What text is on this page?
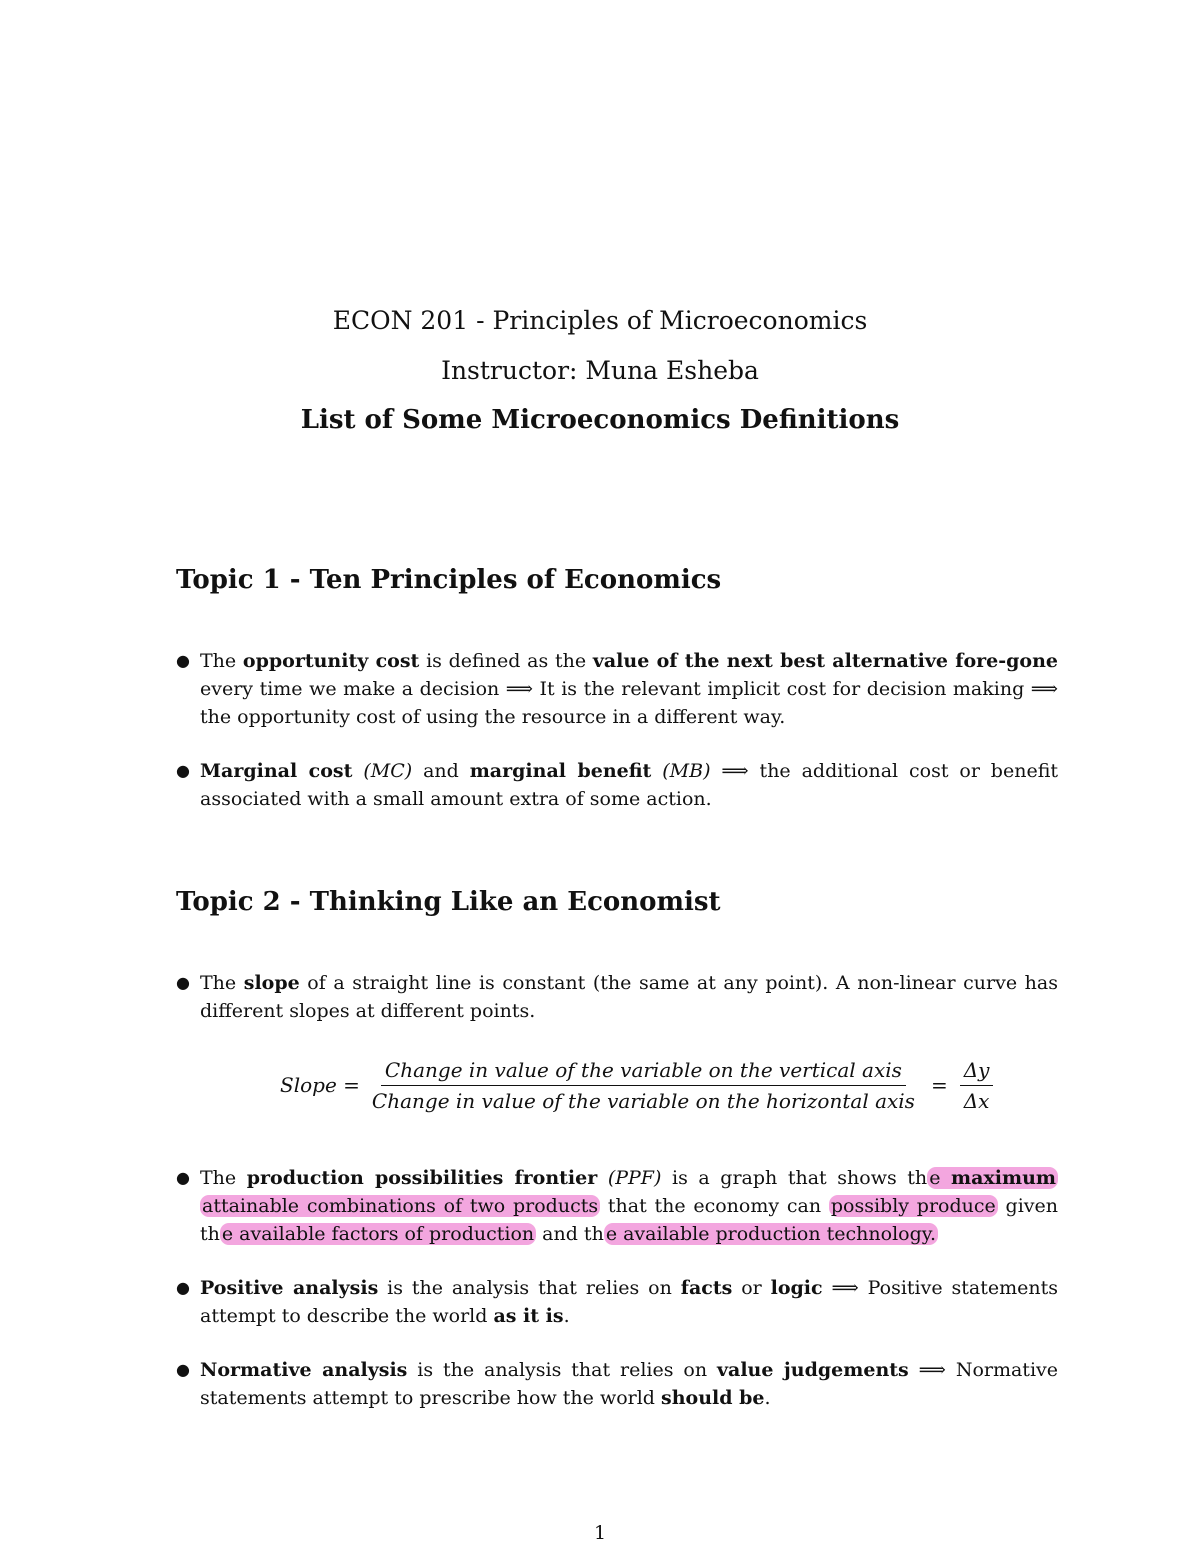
ECON 201 - Principles of Microeconomics
Instructor: Muna Esheba
List of Some Microeconomics Definitions
Topic 1 - Ten Principles of Economics
● The opportunity cost is defined as the value of the next best alternative fore-gone every time we make a decision ⟹ It is the relevant implicit cost for decision making ⟹ the opportunity cost of using the resource in a different way.
● Marginal cost (MC) and marginal benefit (MB) ⟹ the additional cost or benefit associated with a small amount extra of some action.
Topic 2 - Thinking Like an Economist
● The slope of a straight line is constant (the same at any point). A non-linear curve has different slopes at different points.
Slope = $\frac{\text{Change in value of the variable on the vertical axis}}{\text{Change in value of the variable on the horizontal axis}} = \frac{\Delta y}{\Delta x}$
● The production possibilities frontier (PPF) is a graph that shows th e maximum attainable combinations of two products that the economy can possibly produce given th e available factors of production and th e available production technology.
● Positive analysis is the analysis that relies on facts or logic ⟹ Positive statements attempt to describe the world as it is.
● Normative analysis is the analysis that relies on value judgements ⟹ Normative statements attempt to prescribe how the world should be.
1
